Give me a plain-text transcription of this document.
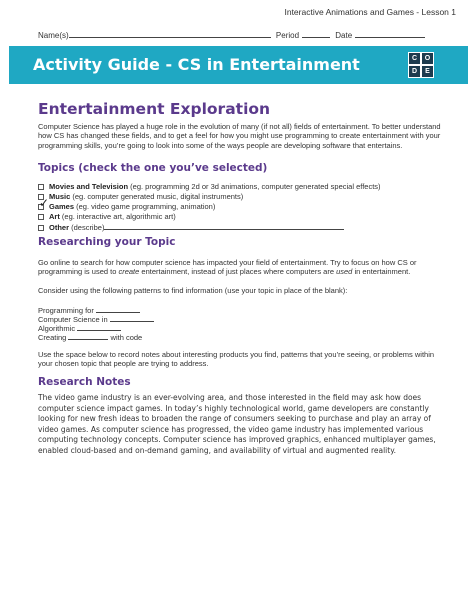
Interactive Animations and Games - Lesson 1
Name(s)	Period	Date
Activity Guide - CS in Entertainment	C	O
D	E
Entertainment Exploration

Computer Science has played a huge role in the evolution of many (if not all) fields of entertainment. To better understand how CS has changed these fields, and to get a feel for how you might use programming to create entertainment with your programming skills, you’re going to look into some of the ways people are developing software that entertains.

Topics (check the one you’ve selected)
Movies and Television (eg. programming 2d or 3d animations, computer generated special effects)
Music (eg. computer generated music, digital instruments)
Games (eg. video game programming, animation)
Art (eg. interactive art, algorithmic art)
Other (describe)
Researching your Topic

Go online to search for how computer science has impacted your field of entertainment. Try to focus on how CS or programming is used to create entertainment, instead of just places where computers are used in entertainment.

Consider using the following patterns to find information (use your topic in place of the blank):

Programming for
Computer Science in
Algorithmic
Creating	with code

Use the space below to record notes about interesting products you find, patterns that you’re seeing, or problems within your chosen topic that people are trying to address.

Research Notes
The video game industry is an ever-evolving area, and those interested in the field may ask how does computer science impact games. In today’s highly technological world, game developers are constantly looking for new fresh ideas to broaden the range of consumers seeking to purchase and play an array of video games. As computer science has progressed, the video game industry has implemented various computing technology concepts. Computer science has improved graphics, enhanced multiplayer games, enabled cloud-based and on-demand gaming, and availability of virtual and augmented reality.
✓
